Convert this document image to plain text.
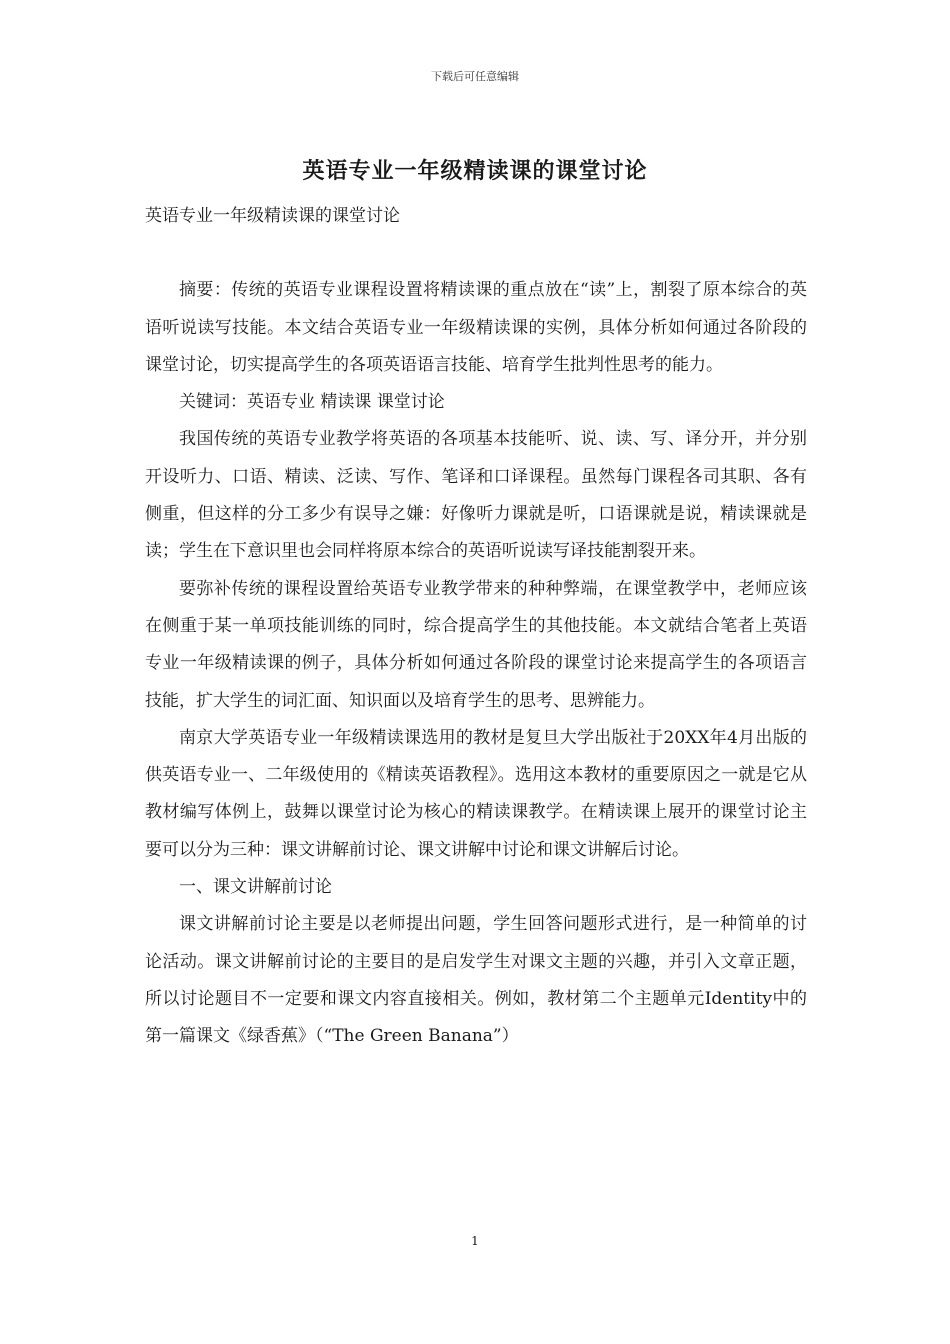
下载后可任意编辑
英语专业一年级精读课的课堂讨论

英语专业一年级精读课的课堂讨论

摘要：传统的英语专业课程设置将精读课的重点放在“读”上，割裂了原本综合的英语听说读写技能。本文结合英语专业一年级精读课的实例，具体分析如何通过各阶段的课堂讨论，切实提高学生的各项英语语言技能、培育学生批判性思考的能力。

关键词：英语专业 精读课 课堂讨论

我国传统的英语专业教学将英语的各项基本技能听、说、读、写、译分开，并分别开设听力、口语、精读、泛读、写作、笔译和口译课程。虽然每门课程各司其职、各有侧重，但这样的分工多少有误导之嫌：好像听力课就是听，口语课就是说，精读课就是读；学生在下意识里也会同样将原本综合的英语听说读写译技能割裂开来。

要弥补传统的课程设置给英语专业教学带来的种种弊端，在课堂教学中，老师应该在侧重于某一单项技能训练的同时，综合提高学生的其他技能。本文就结合笔者上英语专业一年级精读课的例子，具体分析如何通过各阶段的课堂讨论来提高学生的各项语言技能，扩大学生的词汇面、知识面以及培育学生的思考、思辨能力。

南京大学英语专业一年级精读课选用的教材是复旦大学出版社于20XX年4月出版的供英语专业一、二年级使用的《精读英语教程》。选用这本教材的重要原因之一就是它从教材编写体例上，鼓舞以课堂讨论为核心的精读课教学。在精读课上展开的课堂讨论主要可以分为三种：课文讲解前讨论、课文讲解中讨论和课文讲解后讨论。

一、课文讲解前讨论

课文讲解前讨论主要是以老师提出问题，学生回答问题形式进行，是一种简单的讨论活动。课文讲解前讨论的主要目的是启发学生对课文主题的兴趣，并引入文章正题，所以讨论题目不一定要和课文内容直接相关。例如，教材第二个主题单元Identity中的第一篇课文《绿香蕉》（“The Green Banana”）

1
